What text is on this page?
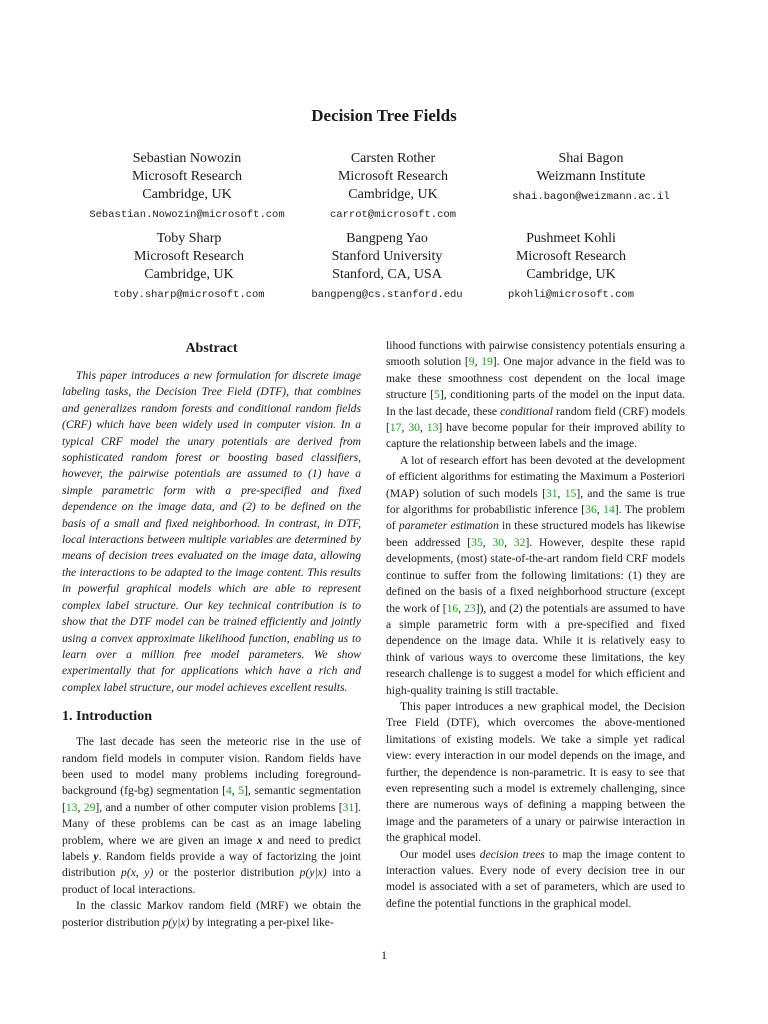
Decision Tree Fields
Sebastian Nowozin
Microsoft Research
Cambridge, UK
Sebastian.Nowozin@microsoft.com
Carsten Rother
Microsoft Research
Cambridge, UK
carrot@microsoft.com
Shai Bagon
Weizmann Institute
shai.bagon@weizmann.ac.il
Toby Sharp
Microsoft Research
Cambridge, UK
toby.sharp@microsoft.com
Bangpeng Yao
Stanford University
Stanford, CA, USA
bangpeng@cs.stanford.edu
Pushmeet Kohli
Microsoft Research
Cambridge, UK
pkohli@microsoft.com
Abstract

This paper introduces a new formulation for discrete image labeling tasks, the Decision Tree Field (DTF), that combines and generalizes random forests and conditional random fields (CRF) which have been widely used in computer vision. In a typical CRF model the unary potentials are derived from sophisticated random forest or boosting based classifiers, however, the pairwise potentials are assumed to (1) have a simple parametric form with a pre-specified and fixed dependence on the image data, and (2) to be defined on the basis of a small and fixed neighborhood. In contrast, in DTF, local interactions between multiple variables are determined by means of decision trees evaluated on the image data, allowing the interactions to be adapted to the image content. This results in powerful graphical models which are able to represent complex label structure. Our key technical contribution is to show that the DTF model can be trained efficiently and jointly using a convex approximate likelihood function, enabling us to learn over a million free model parameters. We show experimentally that for applications which have a rich and complex label structure, our model achieves excellent results.

1. Introduction

The last decade has seen the meteoric rise in the use of random field models in computer vision. Random fields have been used to model many problems including foreground-background (fg-bg) segmentation [4, 5], semantic segmentation [13, 29], and a number of other computer vision problems [31]. Many of these problems can be cast as an image labeling problem, where we are given an image x and need to predict labels y. Random fields provide a way of factorizing the joint distribution p(x, y) or the posterior distribution p(y|x) into a product of local interactions.

In the classic Markov random field (MRF) we obtain the posterior distribution p(y|x) by integrating a per-pixel like-

lihood functions with pairwise consistency potentials ensuring a smooth solution [9, 19]. One major advance in the field was to make these smoothness cost dependent on the local image structure [5], conditioning parts of the model on the input data. In the last decade, these conditional random field (CRF) models [17, 30, 13] have become popular for their improved ability to capture the relationship between labels and the image.

A lot of research effort has been devoted at the development of efficient algorithms for estimating the Maximum a Posteriori (MAP) solution of such models [31, 15], and the same is true for algorithms for probabilistic inference [36, 14]. The problem of parameter estimation in these structured models has likewise been addressed [35, 30, 32]. However, despite these rapid developments, (most) state-of-the-art random field CRF models continue to suffer from the following limitations: (1) they are defined on the basis of a fixed neighborhood structure (except the work of [16, 23]), and (2) the potentials are assumed to have a simple parametric form with a pre-specified and fixed dependence on the image data. While it is relatively easy to think of various ways to overcome these limitations, the key research challenge is to suggest a model for which efficient and high-quality training is still tractable.

This paper introduces a new graphical model, the Decision Tree Field (DTF), which overcomes the above-mentioned limitations of existing models. We take a simple yet radical view: every interaction in our model depends on the image, and further, the dependence is non-parametric. It is easy to see that even representing such a model is extremely challenging, since there are numerous ways of defining a mapping between the image and the parameters of a unary or pairwise interaction in the graphical model.

Our model uses decision trees to map the image content to interaction values. Every node of every decision tree in our model is associated with a set of parameters, which are used to define the potential functions in the graphical model.

1
